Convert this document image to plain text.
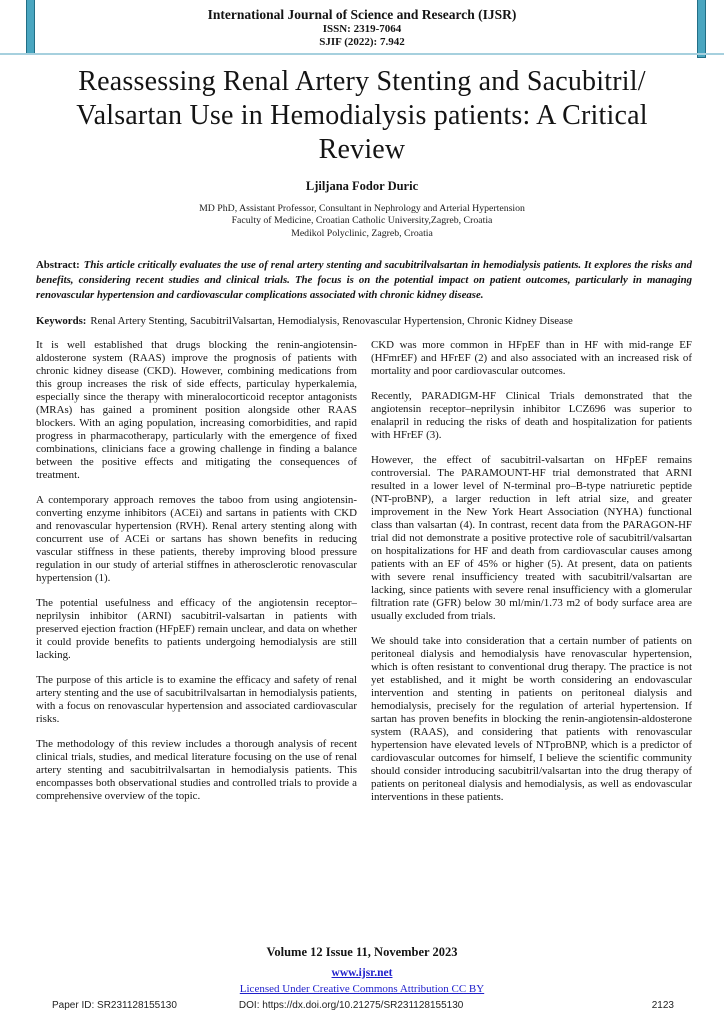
International Journal of Science and Research (IJSR)
ISSN: 2319-7064
SJIF (2022): 7.942
Reassessing Renal Artery Stenting and Sacubitril/
Valsartan Use in Hemodialysis patients: A Critical
Review
Ljiljana Fodor Duric
MD PhD, Assistant Professor, Consultant in Nephrology and Arterial Hypertension
Faculty of Medicine, Croatian Catholic University,Zagreb, Croatia
Medikol Polyclinic, Zagreb, Croatia

Abstract: This article critically evaluates the use of renal artery stenting and sacubitrilvalsartan in hemodialysis patients. It explores the risks and benefits, considering recent studies and clinical trials. The focus is on the potential impact on patient outcomes, particularly in managing renovascular hypertension and cardiovascular complications associated with chronic kidney disease.

Keywords: Renal Artery Stenting, SacubitrilValsartan, Hemodialysis, Renovascular Hypertension, Chronic Kidney Disease

It is well established that drugs blocking the renin-angiotensin-aldosterone system (RAAS) improve the prognosis of patients with chronic kidney disease (CKD). However, combining medications from this group increases the risk of side effects, particulay hyperkalemia, especially since the therapy with mineralocorticoid receptor antagonists (MRAs) has gained a prominent position alongside other RAAS blockers. With an aging population, increasing comorbidities, and rapid progress in pharmacotherapy, particularly with the emergence of fixed combinations, clinicians face a growing challenge in finding a balance between the positive effects and mitigating the consequences of treatment.

A contemporary approach removes the taboo from using angiotensin-converting enzyme inhibitors (ACEi) and sartans in patients with CKD and renovascular hypertension (RVH). Renal artery stenting along with concurrent use of ACEi or sartans has shown benefits in reducing vascular stiffness in these patients, thereby improving blood pressure regulation in our study of arterial stiffnes in atherosclerotic renovascular hypertension (1).

The potential usefulness and efficacy of the angiotensin receptor–neprilysin inhibitor (ARNI) sacubitril-valsartan in patients with preserved ejection fraction (HFpEF) remain unclear, and data on whether it could provide benefits to patients undergoing hemodialysis are still lacking.

The purpose of this article is to examine the efficacy and safety of renal artery stenting and the use of sacubitrilvalsartan in hemodialysis patients, with a focus on renovascular hypertension and associated cardiovascular risks.

The methodology of this review includes a thorough analysis of recent clinical trials, studies, and medical literature focusing on the use of renal artery stenting and sacubitrilvalsartan in hemodialysis patients. This encompasses both observational studies and controlled trials to provide a comprehensive overview of the topic.

CKD was more common in HFpEF than in HF with mid-range EF (HFmrEF) and HFrEF (2) and also associated with an increased risk of mortality and poor cardiovascular outcomes.

Recently, PARADIGM-HF Clinical Trials demonstrated that the angiotensin receptor–neprilysin inhibitor LCZ696 was superior to enalapril in reducing the risks of death and hospitalization for patients with HFrEF (3).

However, the effect of sacubitril-valsartan on HFpEF remains controversial. The PARAMOUNT-HF trial demonstrated that ARNI resulted in a lower level of N-terminal pro–B-type natriuretic peptide (NT-proBNP), a larger reduction in left atrial size, and greater improvement in the New York Heart Association (NYHA) functional class than valsartan (4). In contrast, recent data from the PARAGON-HF trial did not demonstrate a positive protective role of sacubitril/valsartan on hospitalizations for HF and death from cardiovascular causes among patients with an EF of 45% or higher (5). At present, data on patients with severe renal insufficiency treated with sacubitril/valsartan are lacking, since patients with severe renal insufficiency with a glomerular filtration rate (GFR) below 30 ml/min/1.73 m2 of body surface area are usually excluded from trials.

We should take into consideration that a certain number of patients on peritoneal dialysis and hemodialysis have renovascular hypertension, which is often resistant to conventional drug therapy. The practice is not yet established, and it might be worth considering an endovascular intervention and stenting in patients on peritoneal dialysis and hemodialysis, precisely for the regulation of arterial hypertension. If sartan has proven benefits in blocking the renin-angiotensin-aldosterone system (RAAS), and considering that patients with renovascular hypertension have elevated levels of NTproBNP, which is a predictor of cardiovascular outcomes for himself, I believe the scientific community should consider introducing sacubitril/valsartan into the drug therapy of patients on peritoneal dialysis and hemodialysis, as well as endovascular interventions in these patients.

Volume 12 Issue 11, November 2023
www.ijsr.net
Licensed Under Creative Commons Attribution CC BY
Paper ID: SR231128155130	DOI: https://dx.doi.org/10.21275/SR231128155130	2123
